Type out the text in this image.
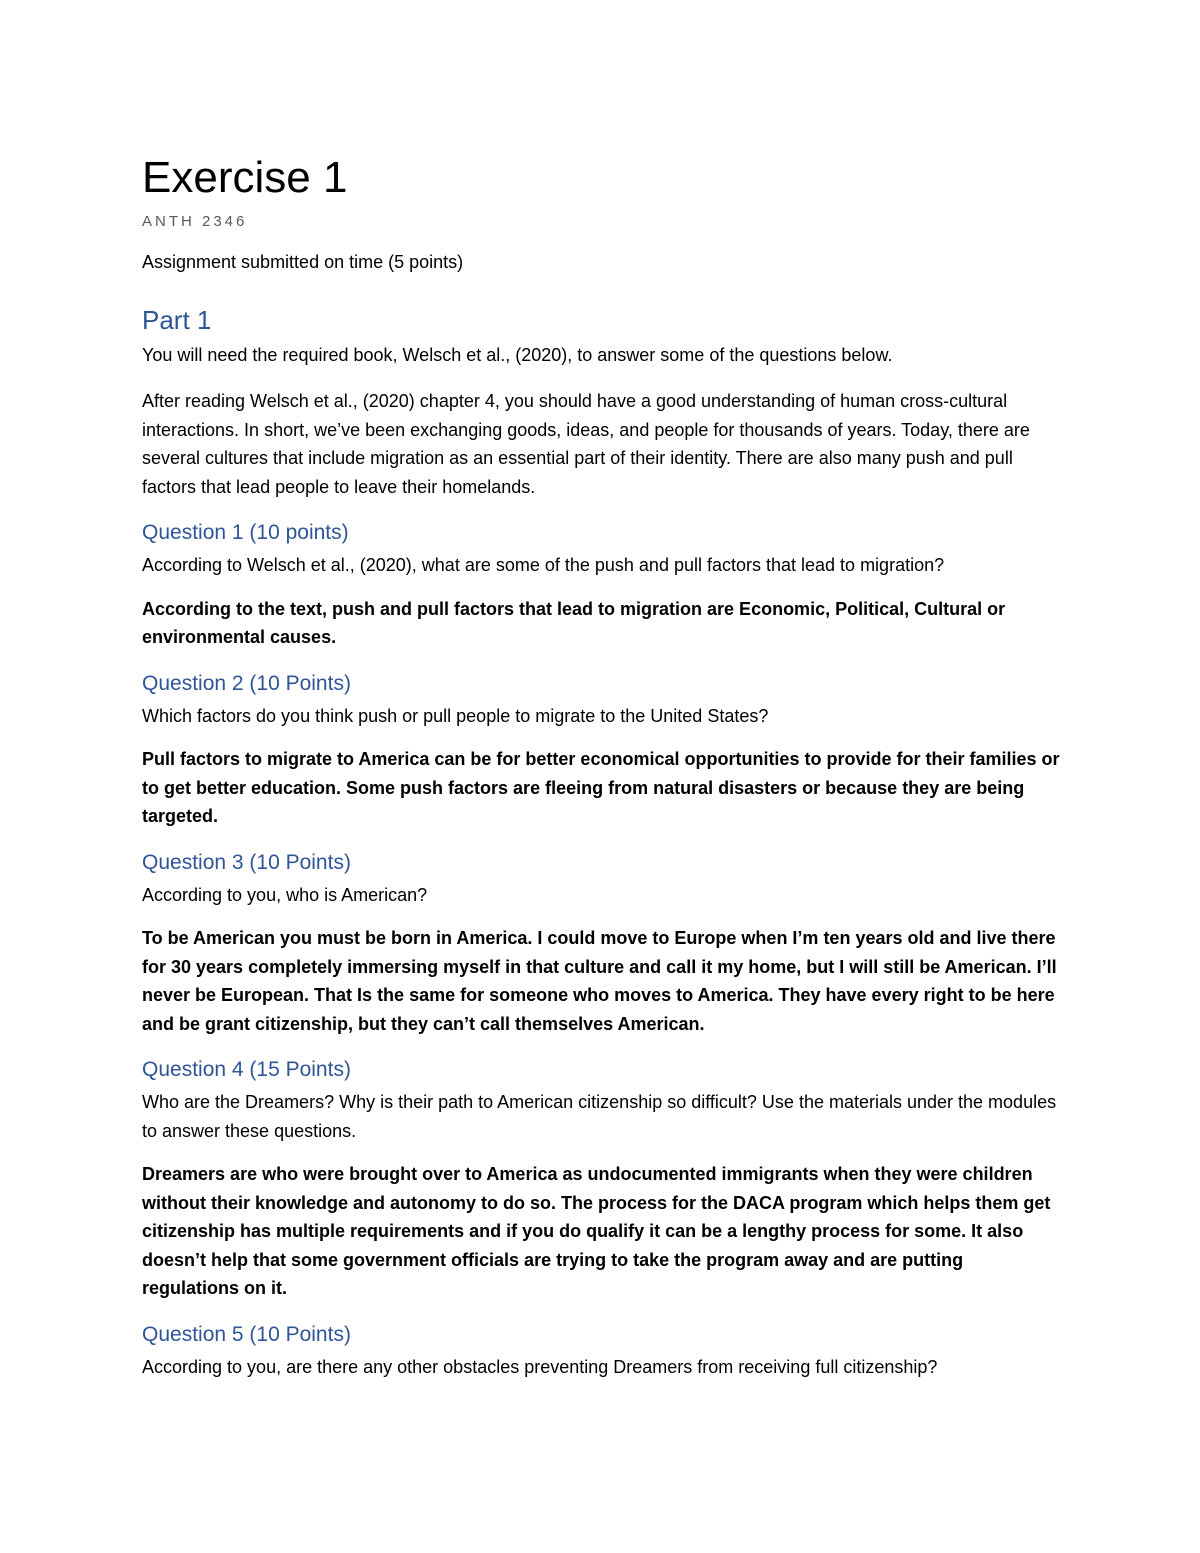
Exercise 1

ANTH 2346

Assignment submitted on time (5 points)

Part 1

You will need the required book, Welsch et al., (2020), to answer some of the questions below.

After reading Welsch et al., (2020) chapter 4, you should have a good understanding of human cross-cultural interactions. In short, we’ve been exchanging goods, ideas, and people for thousands of years. Today, there are several cultures that include migration as an essential part of their identity. There are also many push and pull factors that lead people to leave their homelands.

Question 1 (10 points)

According to Welsch et al., (2020), what are some of the push and pull factors that lead to migration?

According to the text, push and pull factors that lead to migration are Economic, Political, Cultural or environmental causes.

Question 2 (10 Points)

Which factors do you think push or pull people to migrate to the United States?

Pull factors to migrate to America can be for better economical opportunities to provide for their families or to get better education. Some push factors are fleeing from natural disasters or because they are being targeted.

Question 3 (10 Points)

According to you, who is American?

To be American you must be born in America. I could move to Europe when I’m ten years old and live there for 30 years completely immersing myself in that culture and call it my home, but I will still be American. I’ll never be European. That Is the same for someone who moves to America. They have every right to be here and be grant citizenship, but they can’t call themselves American.

Question 4 (15 Points)

Who are the Dreamers? Why is their path to American citizenship so difficult? Use the materials under the modules to answer these questions.

Dreamers are who were brought over to America as undocumented immigrants when they were children without their knowledge and autonomy to do so. The process for the DACA program which helps them get citizenship has multiple requirements and if you do qualify it can be a lengthy process for some. It also doesn’t help that some government officials are trying to take the program away and are putting regulations on it.

Question 5 (10 Points)

According to you, are there any other obstacles preventing Dreamers from receiving full citizenship?
